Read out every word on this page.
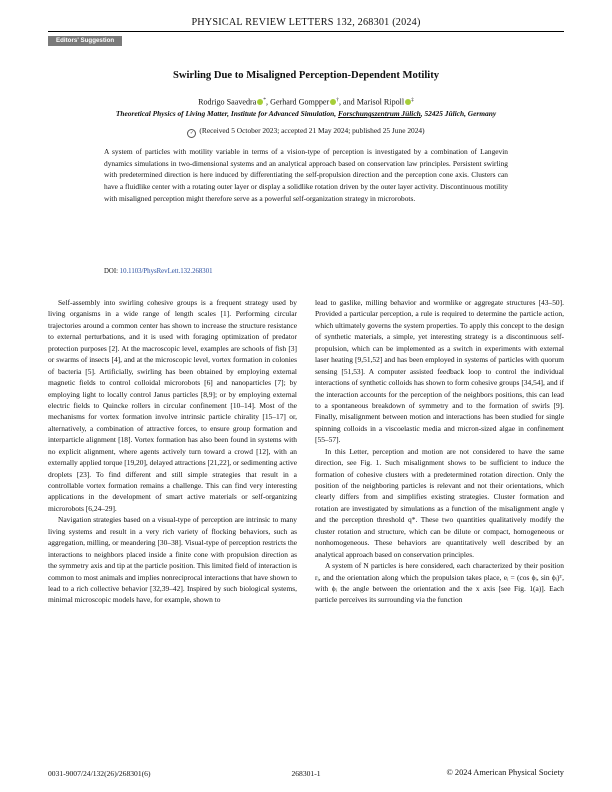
PHYSICAL REVIEW LETTERS 132, 268301 (2024)
Editors' Suggestion
Swirling Due to Misaligned Perception-Dependent Motility
Rodrigo Saavedra *, Gerhard Gompper †, and Marisol Ripoll ‡
Theoretical Physics of Living Matter, Institute for Advanced Simulation, Forschungszentrum Jülich, 52425 Jülich, Germany
✓ (Received 5 October 2023; accepted 21 May 2024; published 25 June 2024)
A system of particles with motility variable in terms of a vision-type of perception is investigated by a combination of Langevin dynamics simulations in two-dimensional systems and an analytical approach based on conservation law principles. Persistent swirling with predetermined direction is here induced by differentiating the self-propulsion direction and the perception cone axis. Clusters can have a fluidlike center with a rotating outer layer or display a solidlike rotation driven by the outer layer activity. Discontinuous motility with misaligned perception might therefore serve as a powerful self-organization strategy in microrobots.
DOI: 10.1103/PhysRevLett.132.268301

Self-assembly into swirling cohesive groups is a frequent strategy used by living organisms in a wide range of length scales [1]. Performing circular trajectories around a common center has shown to increase the structure resistance to external perturbations, and it is used with foraging optimization of predator protection purposes [2]. At the macroscopic level, examples are schools of fish [3] or swarms of insects [4], and at the microscopic level, vortex formation in colonies of bacteria [5]. Artificially, swirling has been obtained by employing external magnetic fields to control colloidal microrobots [6] and nanoparticles [7]; by employing light to locally control Janus particles [8,9]; or by employing external electric fields to Quincke rollers in circular confinement [10–14]. Most of the mechanisms for vortex formation involve intrinsic particle chirality [15–17] or, alternatively, a combination of attractive forces, to ensure group formation and interparticle alignment [18]. Vortex formation has also been found in systems with no explicit alignment, where agents actively turn toward a crowd [12], with an externally applied torque [19,20], delayed attractions [21,22], or sedimenting active droplets [23]. To find different and still simple strategies that result in a controllable vortex formation remains a challenge. This can find very interesting applications in the development of smart active materials or self-organizing microrobots [6,24–29].

Navigation strategies based on a visual-type of perception are intrinsic to many living systems and result in a very rich variety of flocking behaviors, such as aggregation, milling, or meandering [30–38]. Visual-type of perception restricts the interactions to neighbors placed inside a finite cone with propulsion direction as the symmetry axis and tip at the particle position. This limited field of interaction is common to most animals and implies nonreciprocal interactions that have shown to lead to a rich collective behavior [32,39–42]. Inspired by such biological systems, minimal microscopic models have, for example, shown to

lead to gaslike, milling behavior and wormlike or aggregate structures [43–50]. Provided a particular perception, a rule is required to determine the particle action, which ultimately governs the system properties. To apply this concept to the design of synthetic materials, a simple, yet interesting strategy is a discontinuous self-propulsion, which can be implemented as a switch in experiments with external laser heating [9,51,52] and has been employed in systems of particles with quorum sensing [51,53]. A computer assisted feedback loop to control the individual interactions of synthetic colloids has shown to form cohesive groups [34,54], and if the interaction accounts for the perception of the neighbors positions, this can lead to a spontaneous breakdown of symmetry and to the formation of swirls [9]. Finally, misalignment between motion and interactions has been studied for single spinning colloids in a viscoelastic media and micron-sized algae in confinement [55–57].

In this Letter, perception and motion are not considered to have the same direction, see Fig. 1. Such misalignment shows to be sufficient to induce the formation of cohesive clusters with a predetermined rotation direction. Only the position of the neighboring particles is relevant and not their orientations, which clearly differs from and simplifies existing strategies. Cluster formation and rotation are investigated by simulations as a function of the misalignment angle γ and the perception threshold q*. These two quantities qualitatively modify the cluster rotation and structure, which can be dilute or compact, homogeneous or nonhomogeneous. These behaviors are quantitatively well described by an analytical approach based on conservation principles.

A system of N particles is here considered, each characterized by their position rᵢ, and the orientation along which the propulsion takes place, eᵢ = (cos ϕᵢ, sin ϕᵢ)ᵀ, with ϕᵢ the angle between the orientation and the x axis [see Fig. 1(a)]. Each particle perceives its surrounding via the function

0031-9007/24/132(26)/268301(6)	268301-1	© 2024 American Physical Society
